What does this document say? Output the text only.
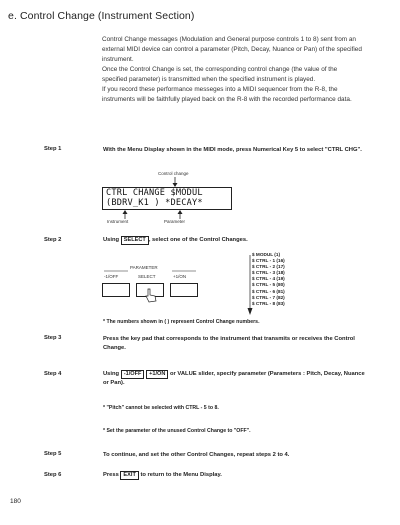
e. Control Change (Instrument Section)

Control Change messages (Modulation and General purpose controls 1 to 8) sent from an external MIDI device can control a parameter (Pitch, Decay, Nuance or Pan) of the specified instrument.

Once the Control Change is set, the corresponding control change (the value of the specified parameter) is transmitted when the specified instrument is played.

If you record these performance messeges into a MIDI sequencer from the R-8, the instruments will be faithfully played back on the R-8 with the recorded performance data.

Step 1	With the Menu Display shown in the MIDI mode, press Numerical Key 5 to select "CTRL CHG".
Control change
CTRL CHANGE $MODUL
(BDRV_K1 ) *DECAY*
Instrument	Parameter
Step 2	Using SELECT , select one of the Control Changes.
PARAMETER
-1/OFF	SELECT	+1/ON
$ MODUL (1)
$ CTRL - 1 (16)
$ CTRL - 2 (17)
$ CTRL - 3 (18)
$ CTRL - 4 (19)
$ CTRL - 5 (80)
$ CTRL - 6 (81)
$ CTRL - 7 (82)
$ CTRL - 8 (83)
* The numbers shown in ( ) represent Control Change numbers.
Step 3	Press the key pad that corresponds to the instrument that transmits or receives the Control Change.
Step 4	Using -1/OFF +1/ON or VALUE slider, specify parameter (Parameters : Pitch, Decay, Nuance or Pan).
* "Pitch" cannot be selected with CTRL - 5 to 8.
* Set the parameter of the unused Control Change to "OFF".
Step 5	To continue, and set the other Control Changes, repeat steps 2 to 4.
Step 6	Press EXIT to return to the Menu Display.
180
